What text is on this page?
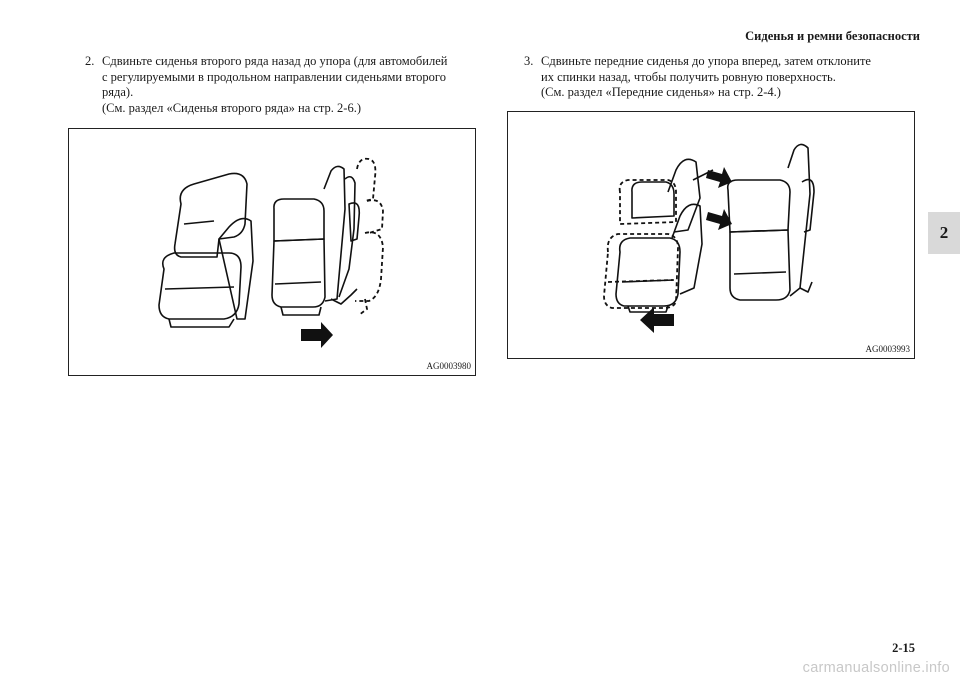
Сиденья и ремни безопасности
2
2. Сдвиньте сиденья второго ряда назад до упора (для автомобилей
с регулируемыми в продольном направлении сиденьями второго
ряда).
(См. раздел «Сиденья второго ряда» на стр. 2-6.)
3. Сдвиньте передние сиденья до упора вперед, затем отклоните
их спинки назад, чтобы получить ровную поверхность.
(См. раздел «Передние сиденья» на стр. 2-4.)
AG0003980
AG0003993
2-15
carmanualsonline.info
